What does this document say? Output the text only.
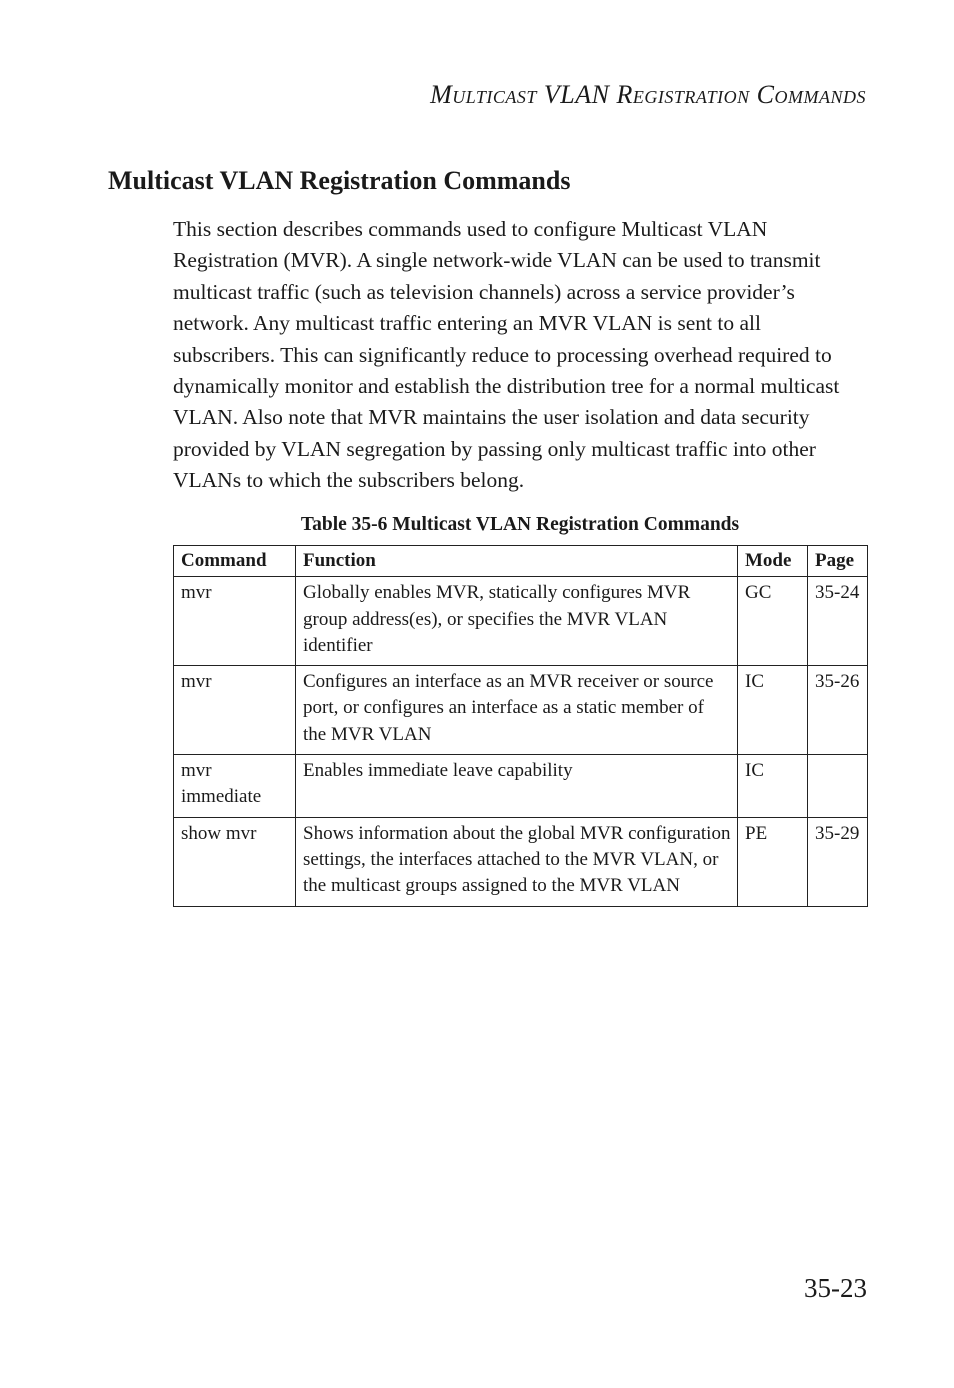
Multicast VLAN Registration Commands
Multicast VLAN Registration Commands

This section describes commands used to configure Multicast VLAN Registration (MVR). A single network-wide VLAN can be used to transmit multicast traffic (such as television channels) across a service provider’s network. Any multicast traffic entering an MVR VLAN is sent to all subscribers. This can significantly reduce to processing overhead required to dynamically monitor and establish the distribution tree for a normal multicast VLAN. Also note that MVR maintains the user isolation and data security provided by VLAN segregation by passing only multicast traffic into other VLANs to which the subscribers belong.

Table 35-6 Multicast VLAN Registration Commands
Command	Function	Mode	Page
mvr	Globally enables MVR, statically configures MVR group address(es), or specifies the MVR VLAN identifier	GC	35-24
mvr	Configures an interface as an MVR receiver or source port, or configures an interface as a static member of the MVR VLAN	IC	35-26
mvr immediate	Enables immediate leave capability	IC	
show mvr	Shows information about the global MVR configuration settings, the interfaces attached to the MVR VLAN, or the multicast groups assigned to the MVR VLAN	PE	35-29
35-23
